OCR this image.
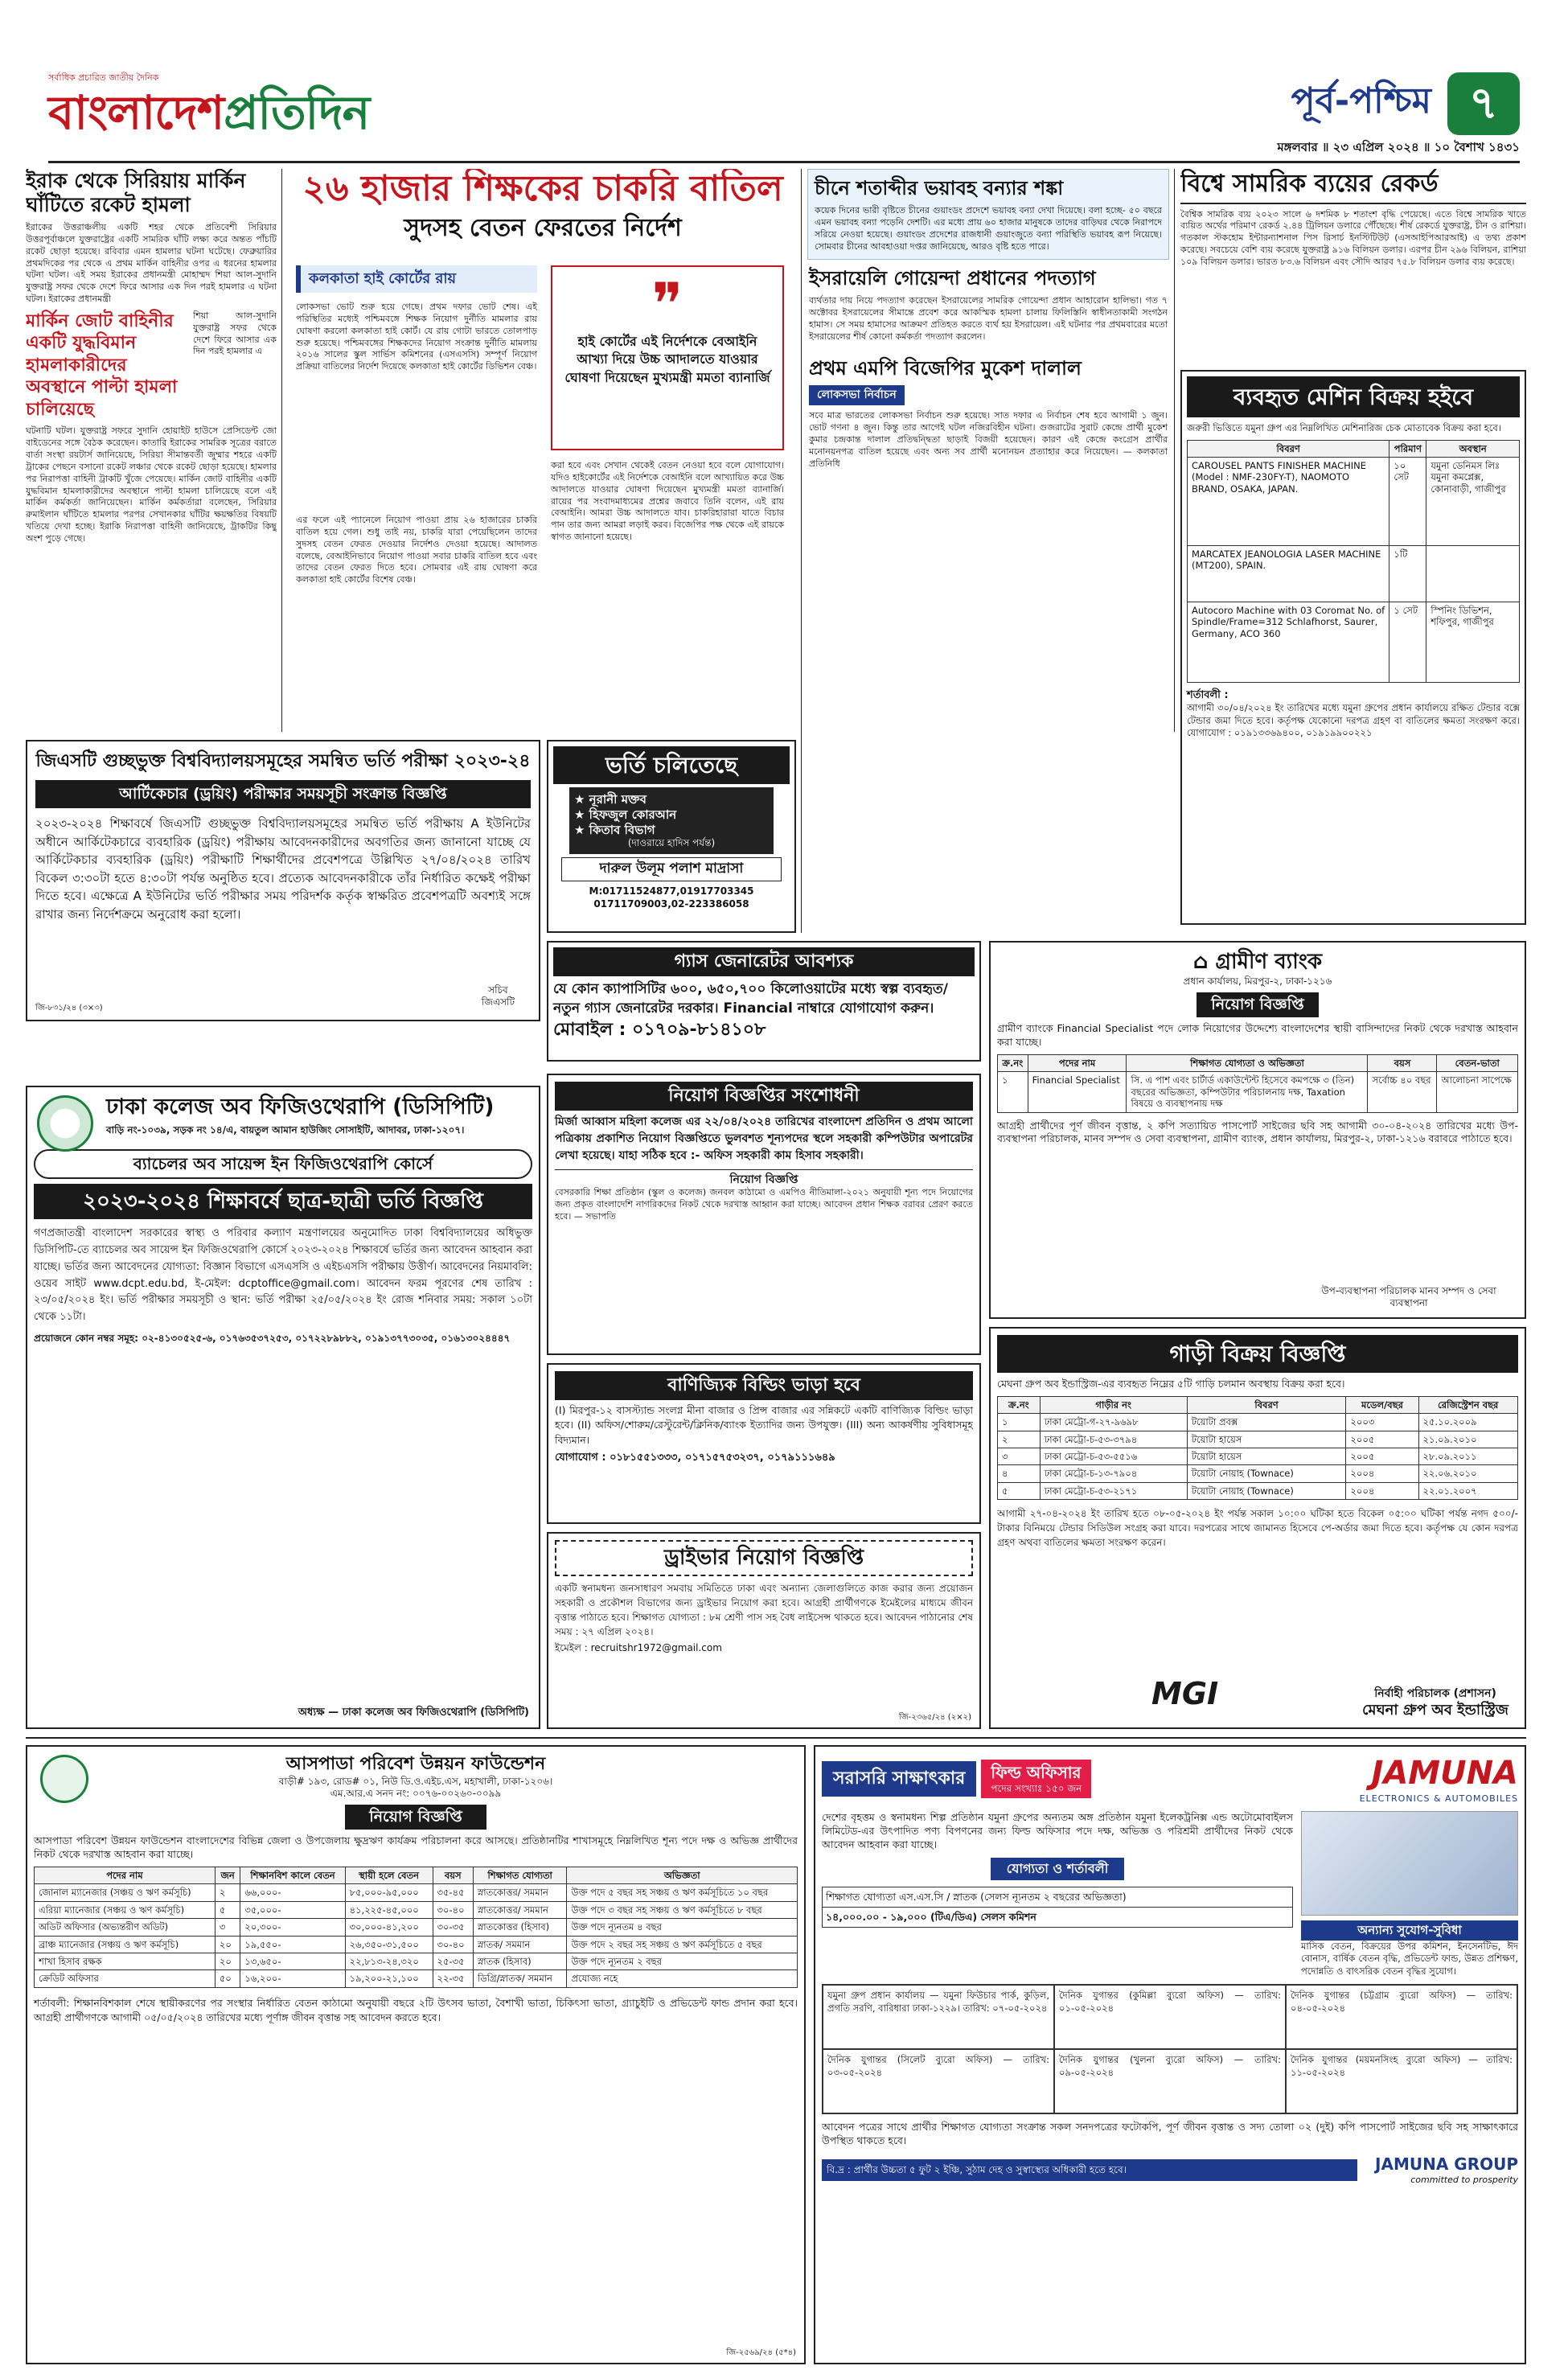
সর্বাধিক প্রচারিত জাতীয় দৈনিক
বাংলাদেশপ্রতিদিন	পূর্ব-পশ্চিম ৭
মঙ্গলবার ॥ ২৩ এপ্রিল ২০২৪ ॥ ১০ বৈশাখ ১৪৩১
ইরাক থেকে সিরিয়ায় মার্কিন ঘাঁটিতে রকেট হামলা

ইরাকের উত্তরাঞ্চলীয় একটি শহর থেকে প্রতিবেশী সিরিয়ার উত্তরপূর্বাঞ্চলে যুক্তরাষ্ট্রের একটি সামরিক ঘাঁটি লক্ষ্য করে অন্তত পাঁচটি রকেট ছোড়া হয়েছে। রবিবার এমন হামলার ঘটনা ঘটেছে। ফেব্রুয়ারির প্রথমদিকের পর থেকে এ প্রথম মার্কিন বাহিনীর ওপর এ ধরনের হামলার ঘটনা ঘটল। এই সময় ইরাকের প্রধানমন্ত্রী মোহাম্মদ শিয়া আল-সুদানি যুক্তরাষ্ট্র সফর থেকে দেশে ফিরে আসার এক দিন পরই হামলার এ ঘটনা ঘটল। ইরাকের প্রধানমন্ত্রী

মার্কিন জোট বাহিনীর একটি যুদ্ধবিমান হামলাকারীদের অবস্থানে পাল্টা হামলা চালিয়েছে

শিয়া আল-সুদানি যুক্তরাষ্ট্র সফর থেকে দেশে ফিরে আসার এক দিন পরই হামলার এ

ঘটনাটি ঘটল। যুক্তরাষ্ট্র সফরে সুদানি হোয়াইট হাউসে প্রেসিডেন্ট জো বাইডেনের সঙ্গে বৈঠক করেছেন। কাতারি ইরাকের সামরিক সূত্রের বরাতে বার্তা সংস্থা রয়টার্স জানিয়েছে, সিরিয়া সীমান্তবর্তী জুম্মার শহরে একটি ট্রাকের পেছনে বসানো রকেট লঞ্চার থেকে রকেট ছোড়া হয়েছে। হামলার পর নিরাপত্তা বাহিনী ট্রাকটি খুঁজে পেয়েছে। মার্কিন জোট বাহিনীর একটি যুদ্ধবিমান হামলাকারীদের অবস্থানে পাল্টা হামলা চালিয়েছে বলে এই মার্কিন কর্মকর্তা জানিয়েছেন। মার্কিন কর্মকর্তারা বলেছেন, সিরিয়ার রুমাইলান ঘাঁটিতে হামলার পরপর সেখানকার ঘাঁটির ক্ষয়ক্ষতির বিষয়টি খতিয়ে দেখা হচ্ছে। ইরাকি নিরাপত্তা বাহিনী জানিয়েছে, ট্রাকটির কিছু অংশ পুড়ে গেছে।

২৬ হাজার শিক্ষকের চাকরি বাতিল
সুদসহ বেতন ফেরতের নির্দেশ
কলকাতা হাই কোর্টের রায়

লোকসভা ভোট শুরু হয়ে গেছে। প্রথম দফার ভোট শেষ। এই পরিস্থিতির মধ্যেই পশ্চিমবঙ্গে শিক্ষক নিয়োগ দুর্নীতি মামলার রায় ঘোষণা করলো কলকাতা হাই কোর্ট। যে রায় গোটা ভারতে তোলপাড় শুরু হয়েছে। পশ্চিমবঙ্গের শিক্ষকদের নিয়োগ সংক্রান্ত দুর্নীতি মামলায় ২০১৬ সালের স্কুল সার্ভিস কমিশনের (এসএসসি) সম্পূর্ণ নিয়োগ প্রক্রিয়া বাতিলের নির্দেশ দিয়েছে কলকাতা হাই কোর্টের ডিভিশন বেঞ্চ।

❞
হাই কোর্টের এই নির্দেশকে বেআইনি আখ্যা দিয়ে উচ্চ আদালতে যাওয়ার ঘোষণা দিয়েছেন মুখ্যমন্ত্রী মমতা ব্যানার্জি

করা হবে এবং সেখান থেকেই বেতন নেওয়া হবে বলে যোগাযোগ। যদিও হাইকোর্টের এই নির্দেশকে বেআইনি বলে আখ্যায়িত করে উচ্চ আদালতে যাওয়ার ঘোষণা দিয়েছেন মুখ্যমন্ত্রী মমতা ব্যানার্জি। রায়ের পর সংবাদমাধ্যমের প্রশ্নের জবাবে তিনি বলেন, এই রায় বেআইনি। আমরা উচ্চ আদালতে যাব। চাকরিহারারা যাতে বিচার পান তার জন্য আমরা লড়াই করব। বিজেপির পক্ষ থেকে এই রায়কে স্বাগত জানানো হয়েছে।

এর ফলে এই প্যানেলে নিয়োগ পাওয়া প্রায় ২৬ হাজারের চাকরি বাতিল হয়ে গেল। শুধু তাই নয়, চাকরি যারা পেয়েছিলেন তাদের সুদসহ বেতন ফেরত দেওয়ার নির্দেশও দেওয়া হয়েছে। আদালত বলেছে, বেআইনিভাবে নিয়োগ পাওয়া সবার চাকরি বাতিল হবে এবং তাদের বেতন ফেরত দিতে হবে। সোমবার এই রায় ঘোষণা করে কলকাতা হাই কোর্টের বিশেষ বেঞ্চ।

চীনে শতাব্দীর ভয়াবহ বন্যার শঙ্কা

কয়েক দিনের ভারী বৃষ্টিতে চীনের গুয়াংডং প্রদেশে ভয়াবহ বন্যা দেখা দিয়েছে। বলা হচ্ছে- ৫০ বছরে এমন ভয়াবহ বন্যা পড়েনি দেশটি। এর মধ্যে প্রায় ৬০ হাজার মানুষকে তাদের বাড়িঘর থেকে নিরাপদে সরিয়ে নেওয়া হয়েছে। গুয়াংডং প্রদেশের রাজধানী গুয়াংজুতে বন্যা পরিস্থিতি ভয়াবহ রূপ নিয়েছে। সোমবার চীনের আবহাওয়া দপ্তর জানিয়েছে, আরও বৃষ্টি হতে পারে।

ইসরায়েলি গোয়েন্দা প্রধানের পদত্যাগ

ব্যর্থতার দায় নিয়ে পদত্যাগ করেছেন ইসরায়েলের সামরিক গোয়েন্দা প্রধান আহারোন হালিভা। গত ৭ অক্টোবর ইসরায়েলের সীমান্তে প্রবেশ করে আকস্মিক হামলা চালায় ফিলিস্তিনি স্বাধীনতাকামী সংগঠন হামাস। সে সময় হামাসের আক্রমণ প্রতিহত করতে ব্যর্থ হয় ইসরায়েল। এই ঘটনার পর প্রথমবারের মতো ইসরায়েলের শীর্ষ কোনো কর্মকর্তা পদত্যাগ করলেন।

প্রথম এমপি বিজেপির মুকেশ দালাল
লোকসভা নির্বাচন

সবে মাত্র ভারতের লোকসভা নির্বাচন শুরু হয়েছে। সাত দফার এ নির্বাচন শেষ হবে আগামী ১ জুন। ভোট গণনা ৪ জুন। কিন্তু তার আগেই ঘটল নজিরবিহীন ঘটনা। গুজরাটের সুরাট কেন্দ্রে প্রার্থী মুকেশ কুমার চন্দ্রকান্ত দালাল প্রতিদ্বন্দ্বিতা ছাড়াই বিজয়ী হয়েছেন। কারণ এই কেন্দ্রে কংগ্রেস প্রার্থীর মনোনয়নপত্র বাতিল হয়েছে এবং অন্য সব প্রার্থী মনোনয়ন প্রত্যাহার করে নিয়েছেন। — কলকাতা প্রতিনিধি

বিশ্বে সামরিক ব্যয়ের রেকর্ড

বৈশ্বিক সামরিক ব্যয় ২০২৩ সালে ৬ দশমিক ৮ শতাংশ বৃদ্ধি পেয়েছে। এতে বিশ্বে সামরিক খাতে ব্যয়িত অর্থের পরিমাণ রেকর্ড ২.৪৪ ট্রিলিয়ন ডলারে পৌঁছেছে। শীর্ষ রেকর্ডে যুক্তরাষ্ট্র, চীন ও রাশিয়া। গতকাল স্টকহোম ইন্টারন্যাশনাল পিস রিসার্চ ইনস্টিটিউট (এসআইপিআরআই) এ তথ্য প্রকাশ করেছে। সবচেয়ে বেশি ব্যয় করেছে যুক্তরাষ্ট্র ৯১৬ বিলিয়ন ডলার। এরপর চীন ২৯৬ বিলিয়ন, রাশিয়া ১০৯ বিলিয়ন ডলার। ভারত ৮৩.৬ বিলিয়ন এবং সৌদি আরব ৭৫.৮ বিলিয়ন ডলার ব্যয় করেছে।

ব্যবহৃত মেশিন বিক্রয় হইবে

জরুরী ভিত্তিতে যমুনা গ্রুপ এর নিম্নলিখিত মেশিনারিজ চেক মোতাবেক বিক্রয় করা হবে।

বিবরণ	পরিমাণ	অবস্থান
CAROUSEL PANTS FINISHER MACHINE (Model : NMF-230FY-T), NAOMOTO BRAND, OSAKA, JAPAN.	১০ সেট	যমুনা ডেনিমস লিঃ যমুনা কমপ্লেক্স, কোনাবাড়ী, গাজীপুর
MARCATEX JEANOLOGIA LASER MACHINE (MT200), SPAIN.	১টি	
Autocoro Machine with 03 Coromat No. of Spindle/Frame=312 Schlafhorst, Saurer, Germany, ACO 360	১ সেট	স্পিনিং ডিভিশন, শফিপুর, গাজীপুর
শর্তাবলী :

আগামী ৩০/০৪/২০২৪ ইং তারিখের মধ্যে যমুনা গ্রুপের প্রধান কার্যালয়ে রক্ষিত টেন্ডার বক্সে টেন্ডার জমা দিতে হবে। কর্তৃপক্ষ যেকোনো দরপত্র গ্রহণ বা বাতিলের ক্ষমতা সংরক্ষণ করে। যোগাযোগ : ০১৯১৩৩৬৯৪০০, ০১৯১৯৯০০২২১

জিএসটি গুচ্ছভুক্ত বিশ্ববিদ্যালয়সমূহের সমন্বিত ভর্তি পরীক্ষা ২০২৩-২৪
আর্টিকেচার (ড্রয়িং) পরীক্ষার সময়সূচী সংক্রান্ত বিজ্ঞপ্তি

২০২৩-২০২৪ শিক্ষাবর্ষে জিএসটি গুচ্ছভুক্ত বিশ্ববিদ্যালয়সমূহের সমন্বিত ভর্তি পরীক্ষায় A ইউনিটের অধীনে আর্কিটেকচারে ব্যবহারিক (ড্রয়িং) পরীক্ষায় আবেদনকারীদের অবগতির জন্য জানানো যাচ্ছে যে আর্কিটেকচার ব্যবহারিক (ড্রয়িং) পরীক্ষাটি শিক্ষার্থীদের প্রবেশপত্রে উল্লিখিত ২৭/০৪/২০২৪ তারিখ বিকেল ৩:৩০টা হতে ৪:৩০টা পর্যন্ত অনুষ্ঠিত হবে। প্রত্যেক আবেদনকারীকে তাঁর নির্ধারিত কক্ষেই পরীক্ষা দিতে হবে। এক্ষেত্রে A ইউনিটের ভর্তি পরীক্ষার সময় পরিদর্শক কর্তৃক স্বাক্ষরিত প্রবেশপত্রটি অবশ্যই সঙ্গে রাখার জন্য নির্দেশক্রমে অনুরোধ করা হলো।

সচিব
জিএসটি
জি-৮৩১/২৪ (৩×৩)
ভর্তি চলিতেছে
★ নূরানী মক্তব
★ হিফজুল কোরআন
★ কিতাব বিভাগ
(দাওরায়ে হাদিস পর্যন্ত)
দারুল উলূম পলাশ মাদ্রাসা
M:01711524877,01917703345 01711709003,02-223386058
গ্যাস জেনারেটর আবশ্যক

যে কোন ক্যাপাসিটির ৬০০, ৬৫০,৭০০ কিলোওয়াটের মধ্যে স্বল্প ব্যবহৃত/ নতুন গ্যাস জেনারেটর দরকার। Financial নাম্বারে যোগাযোগ করুন।

মোবাইল : ০১৭০৯-৮১৪১০৮
⌂ গ্রামীণ ব্যাংক
প্রধান কার্যালয়, মিরপুর-২, ঢাকা-১২১৬
নিয়োগ বিজ্ঞপ্তি

গ্রামীণ ব্যাংকে Financial Specialist পদে লোক নিয়োগের উদ্দেশ্যে বাংলাদেশের স্থায়ী বাসিন্দাদের নিকট থেকে দরখাস্ত আহবান করা যাচ্ছে।

ক্র.নং	পদের নাম	শিক্ষাগত যোগ্যতা ও অভিজ্ঞতা	বয়স	বেতন-ভাতা
১	Financial Specialist	সি. এ পাশ এবং চার্টার্ড একাউন্টেন্ট হিসেবে কমপক্ষে ৩ (তিন) বছরের অভিজ্ঞতা, কম্পিউটার পরিচালনায় দক্ষ, Taxation বিষয়ে ও ব্যবস্থাপনায় দক্ষ	সর্বোচ্চ ৪০ বছর	আলোচনা সাপেক্ষে

আগ্রহী প্রার্থীদের পূর্ণ জীবন বৃত্তান্ত, ২ কপি সত্যায়িত পাসপোর্ট সাইজের ছবি সহ আগামী ৩০-০৪-২০২৪ তারিখের মধ্যে উপ-ব্যবস্থাপনা পরিচালক, মানব সম্পদ ও সেবা ব্যবস্থাপনা, গ্রামীণ ব্যাংক, প্রধান কার্যালয়, মিরপুর-২, ঢাকা-১২১৬ বরাবরে পাঠাতে হবে।

উপ-ব্যবস্থাপনা পরিচালক মানব সম্পদ ও সেবা ব্যবস্থাপনা
ঢাকা কলেজ অব ফিজিওথেরাপি (ডিসিপিটি)
বাড়ি নং-১০৩৯, সড়ক নং ১৪/এ, বায়তুল আমান হাউজিং সোসাইটি, আদাবর, ঢাকা-১২০৭।
ব্যাচেলর অব সায়েন্স ইন ফিজিওথেরাপি কোর্সে
২০২৩-২০২৪ শিক্ষাবর্ষে ছাত্র-ছাত্রী ভর্তি বিজ্ঞপ্তি

গণপ্রজাতন্ত্রী বাংলাদেশ সরকারের স্বাস্থ্য ও পরিবার কল্যাণ মন্ত্রণালয়ের অনুমোদিত ঢাকা বিশ্ববিদ্যালয়ের অধিভুক্ত ডিসিপিটি-তে ব্যাচেলর অব সায়েন্স ইন ফিজিওথেরাপি কোর্সে ২০২৩-২০২৪ শিক্ষাবর্ষে ভর্তির জন্য আবেদন আহবান করা যাচ্ছে। ভর্তির জন্য আবেদনের যোগ্যতা: বিজ্ঞান বিভাগে এসএসসি ও এইচএসসি পরীক্ষায় উত্তীর্ণ। আবেদনের নিয়মাবলি: ওয়েব সাইট www.dcpt.edu.bd, ই-মেইল: dcptoffice@gmail.com। আবেদন ফরম পূরণের শেষ তারিখ : ২৩/০৫/২০২৪ ইং। ভর্তি পরীক্ষার সময়সূচী ও স্থান: ভর্তি পরীক্ষা ২৫/০৫/২০২৪ ইং রোজ শনিবার সময়: সকাল ১০টা থেকে ১১টা।

প্রয়োজনে কোন নম্বর সমূহ: ০২-৪১৩০৫২৫-৬, ০১৭৬৩৫৩৭২৫৩, ০১৭২২৮৯৮৮২, ০১৯১৩৭৭৩০৩৫, ০১৬১৩০২৪৪৪৭
অধ্যক্ষ — ঢাকা কলেজ অব ফিজিওথেরাপি (ডিসিপিটি)
নিয়োগ বিজ্ঞপ্তির সংশোধনী

মির্জা আব্বাস মহিলা কলেজ এর ২২/০৪/২০২৪ তারিখের বাংলাদেশ প্রতিদিন ও প্রথম আলো পত্রিকায় প্রকাশিত নিয়োগ বিজ্ঞপ্তিতে ভুলবশত শূন্যপদের স্থলে সহকারী কম্পিউটার অপারেটর লেখা হয়েছে। যাহা সঠিক হবে :- অফিস সহকারী কাম হিসাব সহকারী।

নিয়োগ বিজ্ঞপ্তি

বেসরকারি শিক্ষা প্রতিষ্ঠান (স্কুল ও কলেজ) জনবল কাঠামো ও এমপিও নীতিমালা-২০২১ অনুযায়ী শূন্য পদে নিয়োগের জন্য প্রকৃত বাংলাদেশি নাগরিকদের নিকট থেকে দরখাস্ত আহ্বান করা যাচ্ছে। আবেদন প্রধান শিক্ষক বরাবর প্রেরণ করতে হবে। — সভাপতি

বাণিজ্যিক বিল্ডিং ভাড়া হবে

(I) মিরপুর-১২ বাসস্ট্যান্ড সংলগ্ন মীনা বাজার ও প্রিন্স বাজার এর সন্নিকটে একটি বাণিজ্যিক বিল্ডিং ভাড়া হবে। (II) অফিস/শোরুম/রেস্টুরেন্ট/ক্লিনিক/ব্যাংক ইত্যাদির জন্য উপযুক্ত। (III) অন্য আকর্ষণীয় সুবিধাসমূহ বিদ্যমান।

যোগাযোগ : ০১৮১৫৫১৩৩৩, ০১৭১৫৭৫৩২৩৭, ০১৭৯১১১৬৪৯
ড্রাইভার নিয়োগ বিজ্ঞপ্তি

একটি স্বনামধন্য জনসাধারণ সমবায় সমিতিতে ঢাকা এবং অন্যান্য জেলাগুলিতে কাজ করার জন্য প্রয়োজন সহকারী ও প্রকৌশল বিভাগের জন্য ড্রাইভার নিয়োগ করা হবে। আগ্রহী প্রার্থীগণকে ইমেইলের মাধ্যমে জীবন বৃত্তান্ত পাঠাতে হবে। শিক্ষাগত যোগ্যতা : ৮ম শ্রেণী পাস সহ বৈধ লাইসেন্স থাকতে হবে। আবেদন পাঠানোর শেষ সময় : ২৭ এপ্রিল ২০২৪।

ইমেইল : recruitshr1972@gmail.com
জি-২৩৬৫/২৪ (২×২)
গাড়ী বিক্রয় বিজ্ঞপ্তি

মেঘনা গ্রুপ অব ইন্ডাস্ট্রিজ-এর ব্যবহৃত নিম্নের ৫টি গাড়ি চলমান অবস্থায় বিক্রয় করা হবে।

ক্র.নং	গাড়ীর নং	বিবরণ	মডেল/বছর	রেজিস্ট্রেশন বছর
১	ঢাকা মেট্রো-গ-২৭-৯৬৯৮	টয়োটা প্রবক্স	২০০৩	২৫.১০.২০০৯
২	ঢাকা মেট্রো-চ-৫৩-৩৭৯৪	টয়োটা হায়েস	২০০৫	২১.০৯.২০১০
৩	ঢাকা মেট্রো-চ-৫৩-৫৫১৬	টয়োটা হায়েস	২০০৫	২৮.০৯.২০১১
৪	ঢাকা মেট্রো-চ-১৩-৭৯০৪	টয়োটা নোয়াহ (Townace)	২০০৪	২২.০৬.২০১০
৫	ঢাকা মেট্রো-চ-৫৩-২১৭১	টয়োটা নোয়াহ (Townace)	২০০৪	২২.০১.২০০৭

আগামী ২৭-০৪-২০২৪ ইং তারিখ হতে ০৮-০৫-২০২৪ ইং পর্যন্ত সকাল ১০:০০ ঘটিকা হতে বিকেল ০৫:০০ ঘটিকা পর্যন্ত নগদ ৫০০/- টাকার বিনিময়ে টেন্ডার সিডিউল সংগ্রহ করা যাবে। দরপত্রের সাথে জামানত হিসেবে পে-অর্ডার জমা দিতে হবে। কর্তৃপক্ষ যে কোন দরপত্র গ্রহণ অথবা বাতিলের ক্ষমতা সংরক্ষণ করেন।

নির্বাহী পরিচালক (প্রশাসন)
মেঘনা গ্রুপ অব ইন্ডাস্ট্রিজ
MGI
আসপাডা পরিবেশ উন্নয়ন ফাউন্ডেশন
বাড়ী# ১৯৩, রোড# ০১, নিউ ডি.ও.এইচ.এস, মহাখালী, ঢাকা-১২০৬।
এম.আর.এ সনদ নং: ০০৭৬-০০২৬০-০০৯৯
নিয়োগ বিজ্ঞপ্তি

আসপাডা পরিবেশ উন্নয়ন ফাউন্ডেশন বাংলাদেশের বিভিন্ন জেলা ও উপজেলায় ক্ষুদ্রঋণ কার্যক্রম পরিচালনা করে আসছে। প্রতিষ্ঠানটির শাখাসমূহে নিম্নলিখিত শূন্য পদে দক্ষ ও অভিজ্ঞ প্রার্থীদের নিকট থেকে দরখাস্ত আহবান করা যাচ্ছে।

পদের নাম	জন	শিক্ষানবিশ কালে বেতন	স্থায়ী হলে বেতন	বয়স	শিক্ষাগত যোগ্যতা	অভিজ্ঞতা
জোনাল ম্যানেজার (সঞ্চয় ও ঋণ কর্মসূচি)	২	৬৬,০০০-	৮৫,০০০-৯৫,০০০	৩৫-৪৫	স্নাতকোত্তর/ সমমান	উক্ত পদে ৫ বছর সহ সঞ্চয় ও ঋণ কর্মসূচিতে ১০ বছর
এরিয়া ম্যানেজার (সঞ্চয় ও ঋণ কর্মসূচি)	৫	৩৫,০০০-	৪১,২২৫-৪৫,০০০	৩০-৪০	স্নাতকোত্তর/ সমমান	উক্ত পদে ৩ বছর সহ সঞ্চয় ও ঋণ কর্মসূচিতে ৮ বছর
অডিট অফিসার (অভ্যন্তরীণ অডিট)	৩	২০,৩০০-	৩০,০০০-৪১,২০০	৩০-৩৫	স্নাতকোত্তর (হিসাব)	উক্ত পদে ন্যূনতম ৪ বছর
ব্রাঞ্চ ম্যানেজার (সঞ্চয় ও ঋণ কর্মসূচি)	২০	১৯,৫৫০-	২৬,৩৫০-৩১,৫০০	৩০-৪০	স্নাতক/ সমমান	উক্ত পদে ২ বছর সহ সঞ্চয় ও ঋণ কর্মসূচিতে ৫ বছর
শাখা হিসাব রক্ষক	২০	১৩,৬৫০-	২২,৮১৩-২৪,৩২০	২৫-৩৫	স্নাতক (হিসাব)	উক্ত পদে ন্যূনতম ২ বছর
ক্রেডিট অফিসার	৫০	১৬,২০০-	১৯,২০০-২১,১০০	২২-৩৫	ডিগ্রি/স্নাতক/ সমমান	প্রযোজ্য নহে

শর্তাবলী: শিক্ষানবিশকাল শেষে স্থায়ীকরণের পর সংস্থার নির্ধারিত বেতন কাঠামো অনুযায়ী বছরে ২টি উৎসব ভাতা, বৈশাখী ভাতা, চিকিৎসা ভাতা, গ্র্যাচুইটি ও প্রভিডেন্ট ফান্ড প্রদান করা হবে। আগ্রহী প্রার্থীগণকে আগামী ০৫/০৫/২০২৪ তারিখের মধ্যে পূর্ণাঙ্গ জীবন বৃত্তান্ত সহ আবেদন করতে হবে।

জি-২৫৬৯/২৪ (৫*৪)
সরাসরি সাক্ষাৎকার	ফিল্ড অফিসার
পদের সংখ্যাঃ ১৫০ জন	JAMUNA
ELECTRONICS & AUTOMOBILES

দেশের বৃহত্তম ও স্বনামধন্য শিল্প প্রতিষ্ঠান যমুনা গ্রুপের অন্যতম অঙ্গ প্রতিষ্ঠান যমুনা ইলেকট্রনিক্স এন্ড অটোমোবাইলস লিমিটেড-এর উৎপাদিত পণ্য বিপণনের জন্য ফিল্ড অফিসার পদে দক্ষ, অভিজ্ঞ ও পরিশ্রমী প্রার্থীদের নিকট থেকে আবেদন আহবান করা যাচ্ছে।

যোগ্যতা ও শর্তাবলী
শিক্ষাগত যোগ্যতা এস.এস.সি / স্নাতক (সেলস ন্যূনতম ২ বছরের অভিজ্ঞতা)
১৪,০০০.০০ - ১৯,০০০ (টিএ/ডিএ) সেলস কমিশন
অন্যান্য সুযোগ-সুবিধা

মাসিক বেতন, বিক্রয়ের উপর কমিশন, ইনসেনটিভ, ঈদ বোনাস, বার্ষিক বেতন বৃদ্ধি, প্রভিডেন্ট ফান্ড, উন্নত প্রশিক্ষণ, পদোন্নতি ও বাৎসরিক বেতন বৃদ্ধির সুযোগ।

যমুনা গ্রুপ প্রধান কার্যালয় — যমুনা ফিউচার পার্ক, কুড়িল, প্রগতি সরণি, বারিধারা ঢাকা-১২২৯। তারিখ: ০৭-০৫-২০২৪
দৈনিক যুগান্তর (কুমিল্লা ব্যুরো অফিস) — তারিখ: ০১-০৫-২০২৪
দৈনিক যুগান্তর (চট্টগ্রাম ব্যুরো অফিস) — তারিখ: ০৪-০৫-২০২৪
দৈনিক যুগান্তর (সিলেট ব্যুরো অফিস) — তারিখ: ০৩-০৫-২০২৪
দৈনিক যুগান্তর (খুলনা ব্যুরো অফিস) — তারিখ: ০৯-০৫-২০২৪
দৈনিক যুগান্তর (ময়মনসিংহ ব্যুরো অফিস) — তারিখ: ১১-০৫-২০২৪

আবেদন পত্রের সাথে প্রার্থীর শিক্ষাগত যোগ্যতা সংক্রান্ত সকল সনদপত্রের ফটোকপি, পূর্ণ জীবন বৃত্তান্ত ও সদ্য তোলা ০২ (দুই) কপি পাসপোর্ট সাইজের ছবি সহ সাক্ষাৎকারে উপস্থিত থাকতে হবে।

বি.দ্র : প্রার্থীর উচ্চতা ৫ ফুট ২ ইঞ্চি, সুঠাম দেহ ও সুস্বাস্থ্যের অধিকারী হতে হবে।	JAMUNA GROUP
committed to prosperity
